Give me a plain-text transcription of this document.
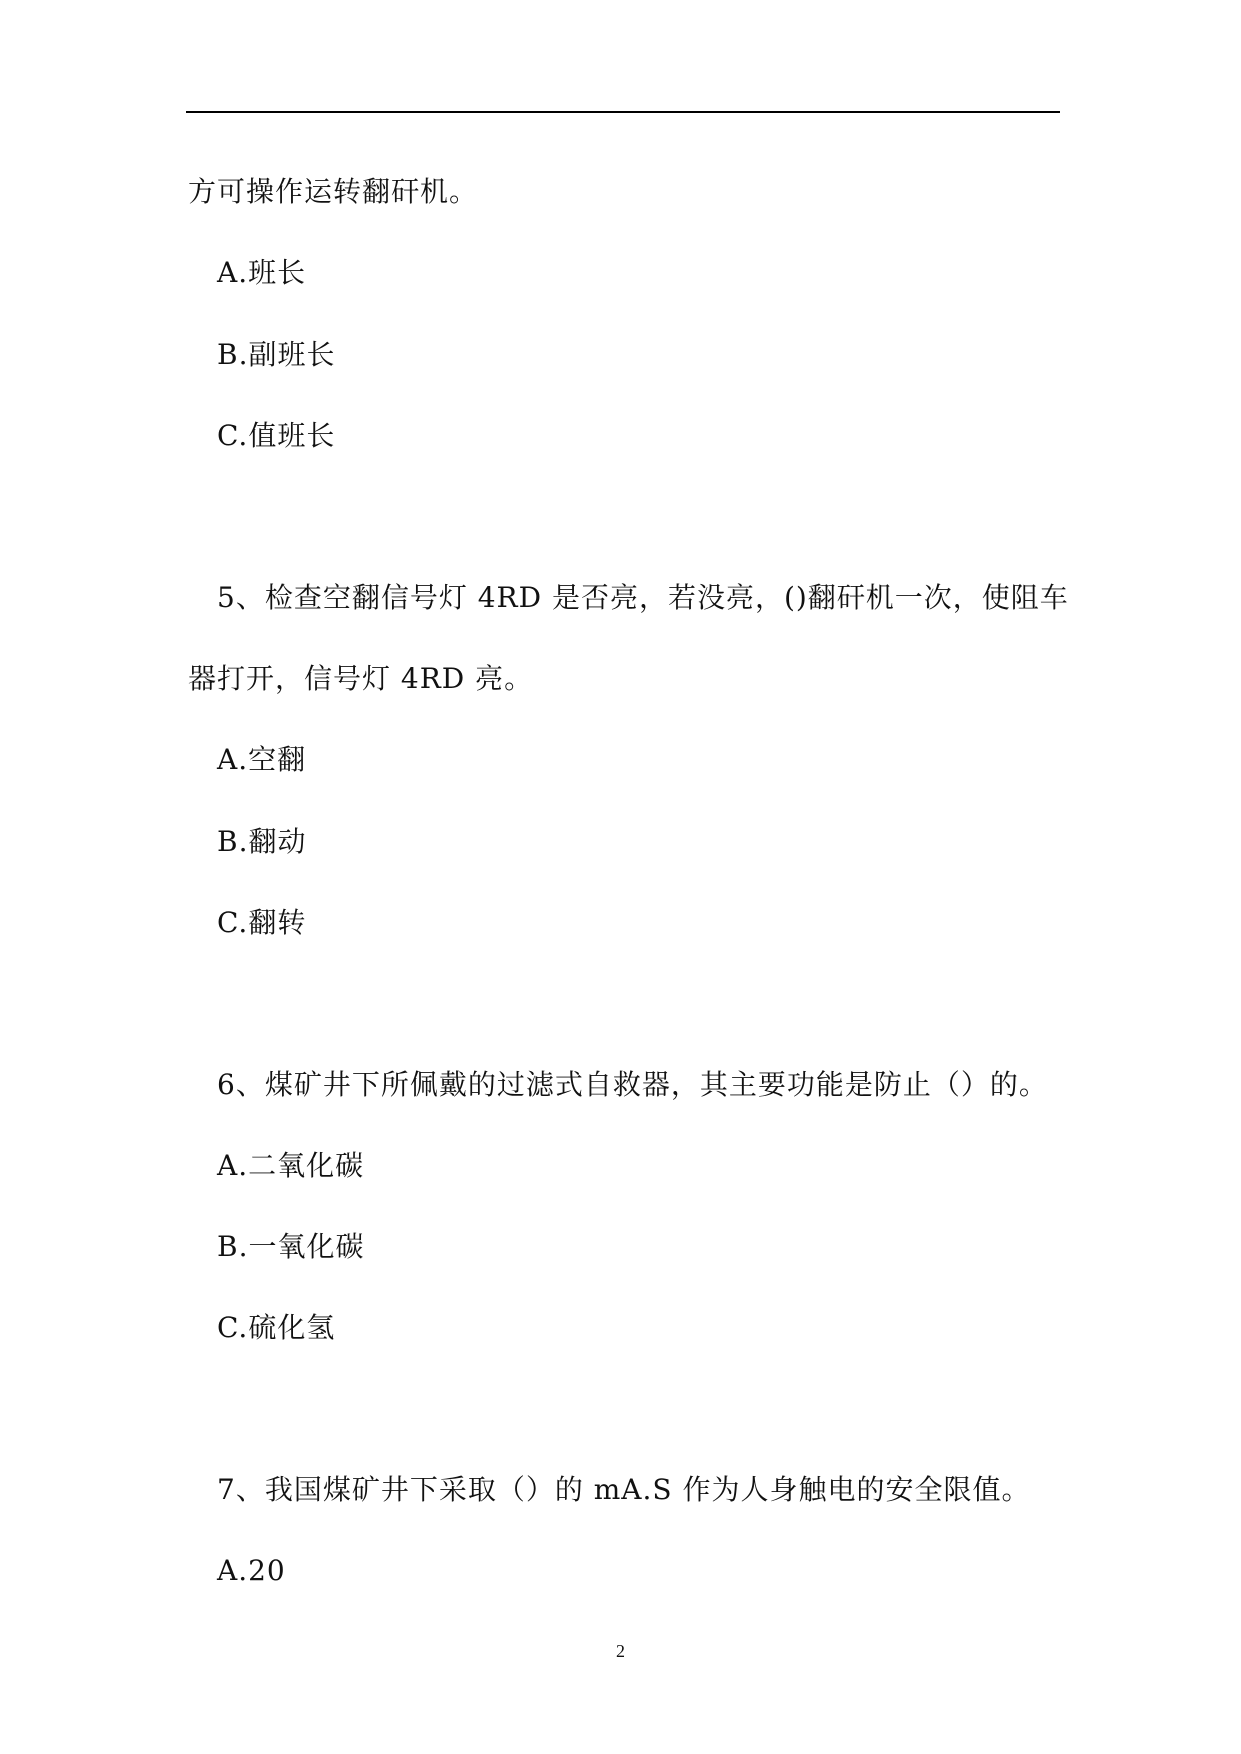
方可操作运转翻矸机。
A.班长
B.副班长
C.值班长
5、检查空翻信号灯 4RD 是否亮，若没亮，()翻矸机一次，使阻车
器打开，信号灯 4RD 亮。
A.空翻
B.翻动
C.翻转
6、煤矿井下所佩戴的过滤式自救器，其主要功能是防止（）的。
A.二氧化碳
B.一氧化碳
C.硫化氢
7、我国煤矿井下采取（）的 mA.S 作为人身触电的安全限值。
A.20
2
